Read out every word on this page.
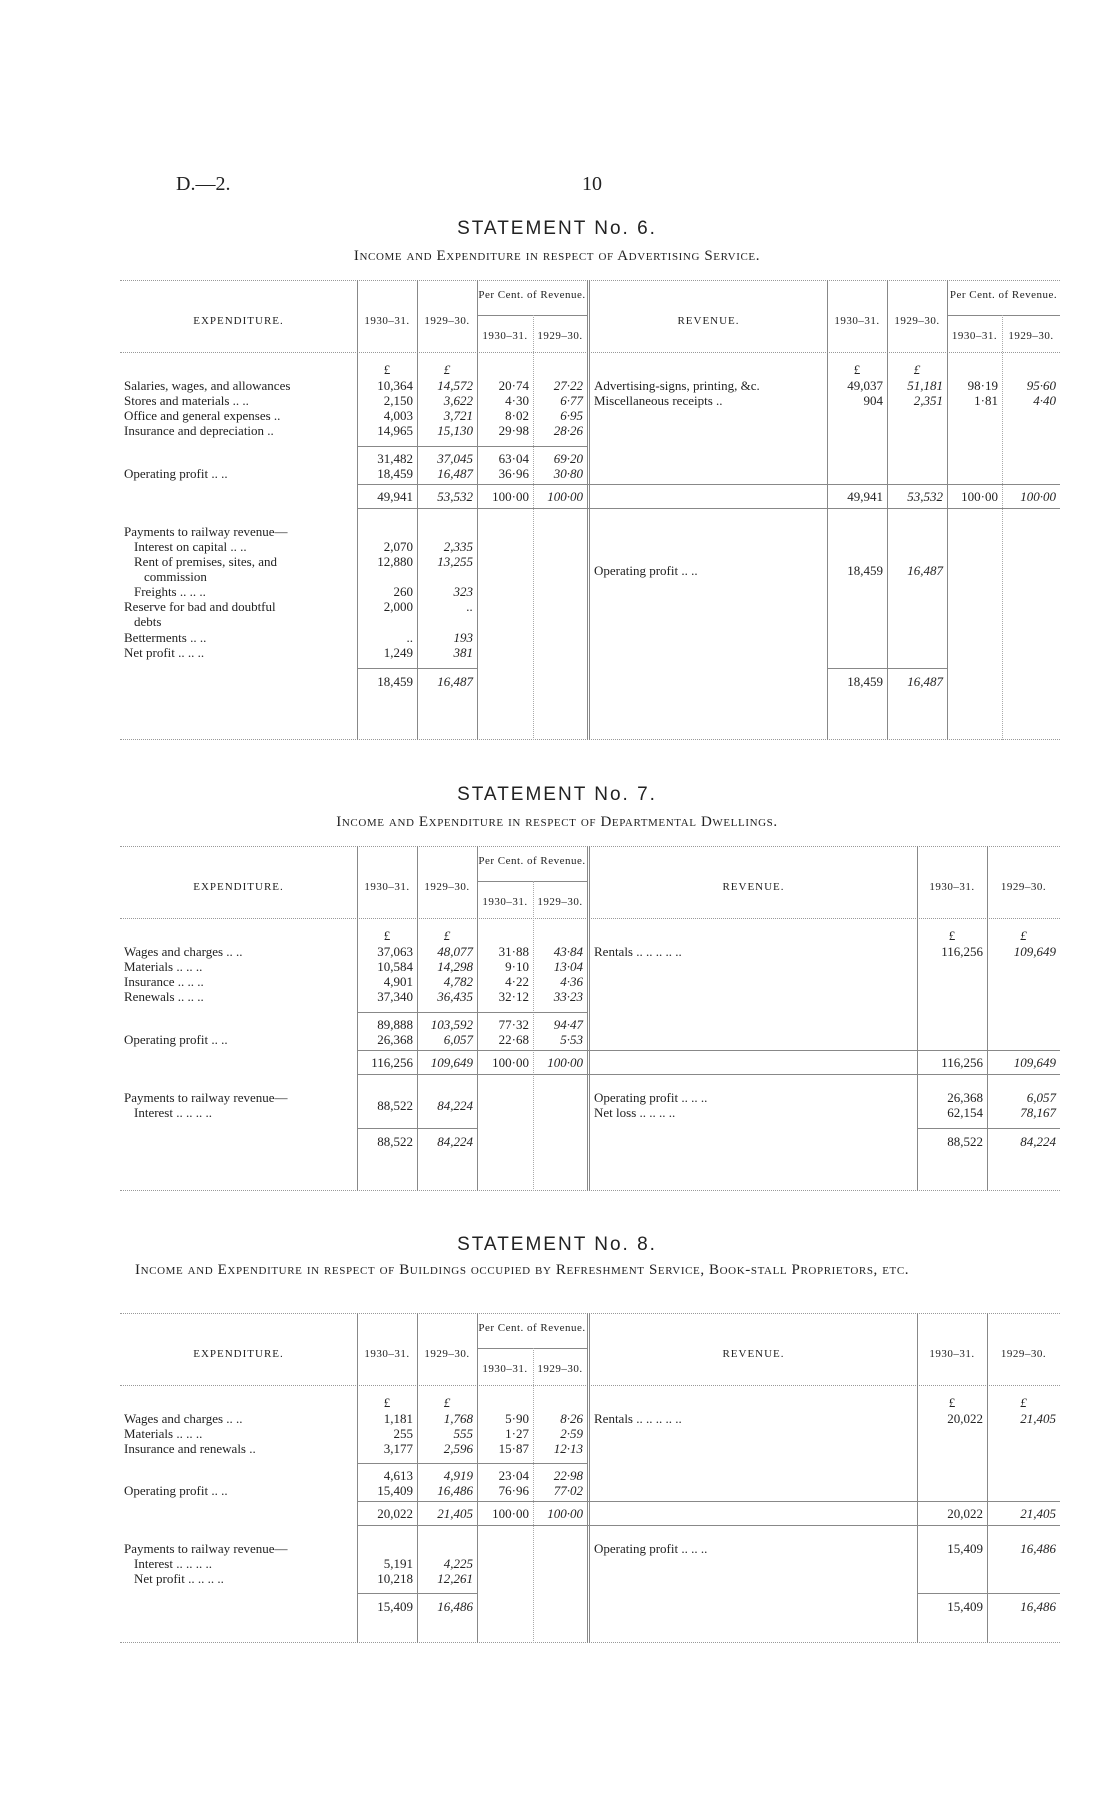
D.—2.	10
STATEMENT No. 6.
Income and Expenditure in respect of Advertising Service.
EXPENDITURE.	1930–31.	1929–30.
Per Cent. of Revenue.
1930–31. 1929–30.
REVENUE.	1930–31.	1929–30.
Per Cent. of Revenue.
1930–31.	1929–30.
£	£	£	£
Salaries, wages, and allowances	10,364	14,572	20·74	27·22
Stores and materials .. ..	2,150	3,622	4·30	6·77
Office and general expenses ..	4,003	3,721	8·02	6·95
Insurance and depreciation ..	14,965	15,130	29·98	28·26
31,482	37,045	63·04	69·20
Operating profit .. ..	18,459	16,487	36·96	30·80
49,941	53,532	100·00	100·00
Advertising-signs, printing, &c.	49,037	51,181	98·19	95·60
Miscellaneous receipts ..	904	2,351	1·81	4·40
49,941	53,532	100·00	100·00
Payments to railway revenue—
Interest on capital .. ..	2,070	2,335
Rent of premises, sites, and
commission
12,880	13,255
Freights .. .. ..	260	323
Reserve for bad and doubtful
debts
2,000	..
Betterments .. ..	..	193
Net profit .. .. ..	1,249	381
18,459	16,487
Operating profit .. ..	18,459	16,487
18,459	16,487
STATEMENT No. 7.
Income and Expenditure in respect of Departmental Dwellings.
EXPENDITURE.	1930–31.	1929–30.
Per Cent. of Revenue.
1930–31. 1929–30.
REVENUE.	1930–31.	1929–30.
£	£	£	£
Wages and charges .. ..	37,063	48,077	31·88	43·84
Materials .. .. ..	10,584	14,298	9·10	13·04
Insurance .. .. ..	4,901	4,782	4·22	4·36
Renewals .. .. ..	37,340	36,435	32·12	33·23
89,888	103,592	77·32	94·47
Operating profit .. ..	26,368	6,057	22·68	5·53
116,256	109,649	100·00	100·00
Rentals .. .. .. .. ..	116,256	109,649
116,256	109,649
Payments to railway revenue—
Interest .. .. .. ..	88,522	84,224
88,522	84,224
Operating profit .. .. ..	26,368	6,057
Net loss .. .. .. ..	62,154	78,167
88,522	84,224
STATEMENT No. 8.
Income and Expenditure in respect of Buildings occupied by Refreshment Service, Book-stall Proprietors, etc.
EXPENDITURE.	1930–31.	1929–30.
Per Cent. of Revenue.
1930–31. 1929–30.
REVENUE.	1930–31.	1929–30.
£	£	£	£
Wages and charges .. ..	1,181	1,768	5·90	8·26
Materials .. .. ..	255	555	1·27	2·59
Insurance and renewals ..	3,177	2,596	15·87	12·13
4,613	4,919	23·04	22·98
Operating profit .. ..	15,409	16,486	76·96	77·02
20,022	21,405	100·00	100·00
Rentals .. .. .. .. ..	20,022	21,405
20,022	21,405
Payments to railway revenue—
Interest .. .. .. ..	5,191	4,225
Net profit .. .. .. ..	10,218	12,261
15,409	16,486
Operating profit .. .. ..	15,409	16,486
15,409	16,486
